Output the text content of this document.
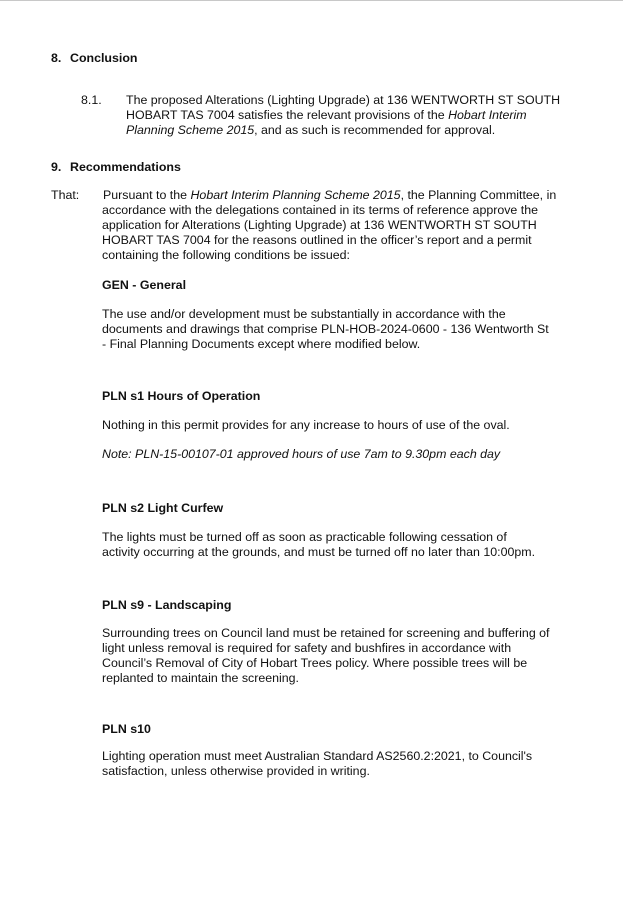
8. Conclusion
8.1. The proposed Alterations (Lighting Upgrade) at 136 WENTWORTH ST SOUTH HOBART TAS 7004 satisfies the relevant provisions of the Hobart Interim Planning Scheme 2015, and as such is recommended for approval.
9. Recommendations
That: Pursuant to the Hobart Interim Planning Scheme 2015, the Planning Committee, in accordance with the delegations contained in its terms of reference approve the application for Alterations (Lighting Upgrade) at 136 WENTWORTH ST SOUTH HOBART TAS 7004 for the reasons outlined in the officer’s report and a permit containing the following conditions be issued:
GEN - General
The use and/or development must be substantially in accordance with the documents and drawings that comprise PLN-HOB-2024-0600 - 136 Wentworth St - Final Planning Documents except where modified below.
PLN s1 Hours of Operation
Nothing in this permit provides for any increase to hours of use of the oval.
Note: PLN-15-00107-01 approved hours of use 7am to 9.30pm each day
PLN s2 Light Curfew
The lights must be turned off as soon as practicable following cessation of activity occurring at the grounds, and must be turned off no later than 10:00pm.
PLN s9 - Landscaping
Surrounding trees on Council land must be retained for screening and buffering of light unless removal is required for safety and bushfires in accordance with Council’s Removal of City of Hobart Trees policy. Where possible trees will be replanted to maintain the screening.
PLN s10
Lighting operation must meet Australian Standard AS2560.2:2021, to Council's satisfaction, unless otherwise provided in writing.
